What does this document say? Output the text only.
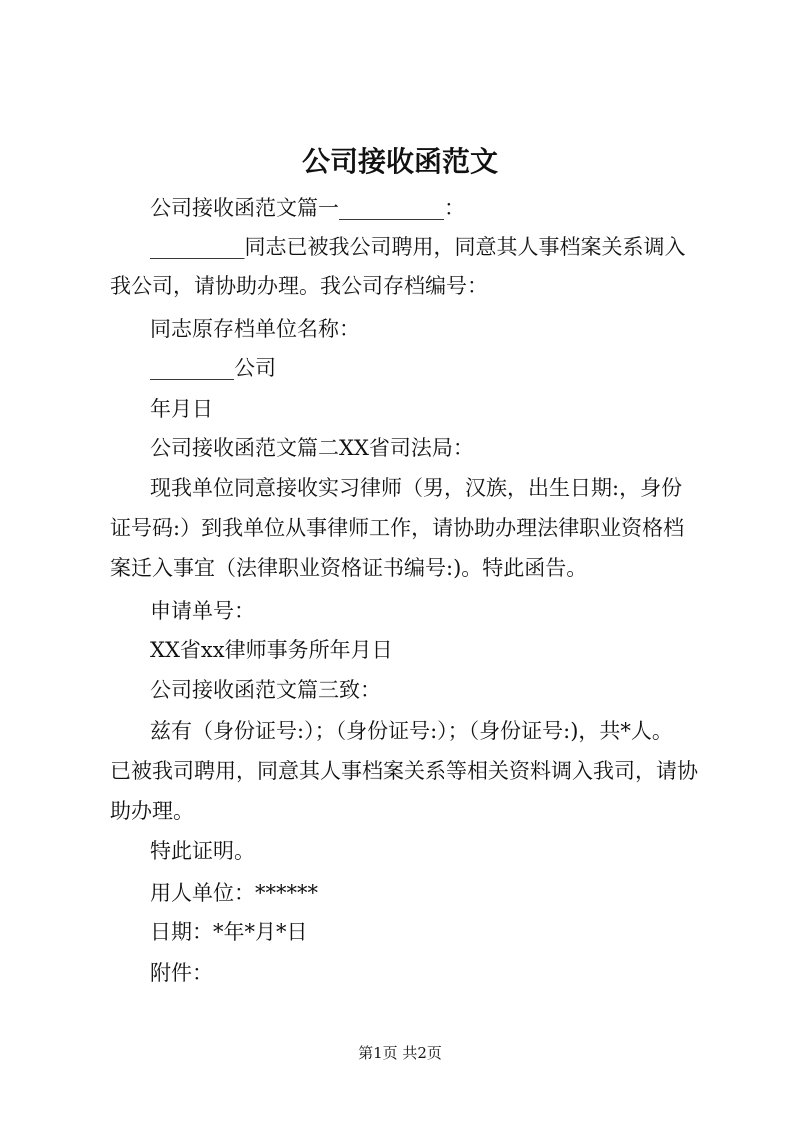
公司接收函范文
公司接收函范文篇一__________：
_________同志已被我公司聘用，同意其人事档案关系调入
我公司，请协助办理。我公司存档编号：
同志原存档单位名称：
________公司
年月日
公司接收函范文篇二XX省司法局：
现我单位同意接收实习律师（男，汉族，出生日期:，身份
证号码:）到我单位从事律师工作，请协助办理法律职业资格档
案迁入事宜（法律职业资格证书编号:)。特此函告。
申请单号：
XX省xx律师事务所年月日
公司接收函范文篇三致：
兹有（身份证号:）；（身份证号:）；（身份证号:)，共*人。
已被我司聘用，同意其人事档案关系等相关资料调入我司，请协
助办理。
特此证明。
用人单位：******
日期：*年*月*日
附件：
第1页 共2页
